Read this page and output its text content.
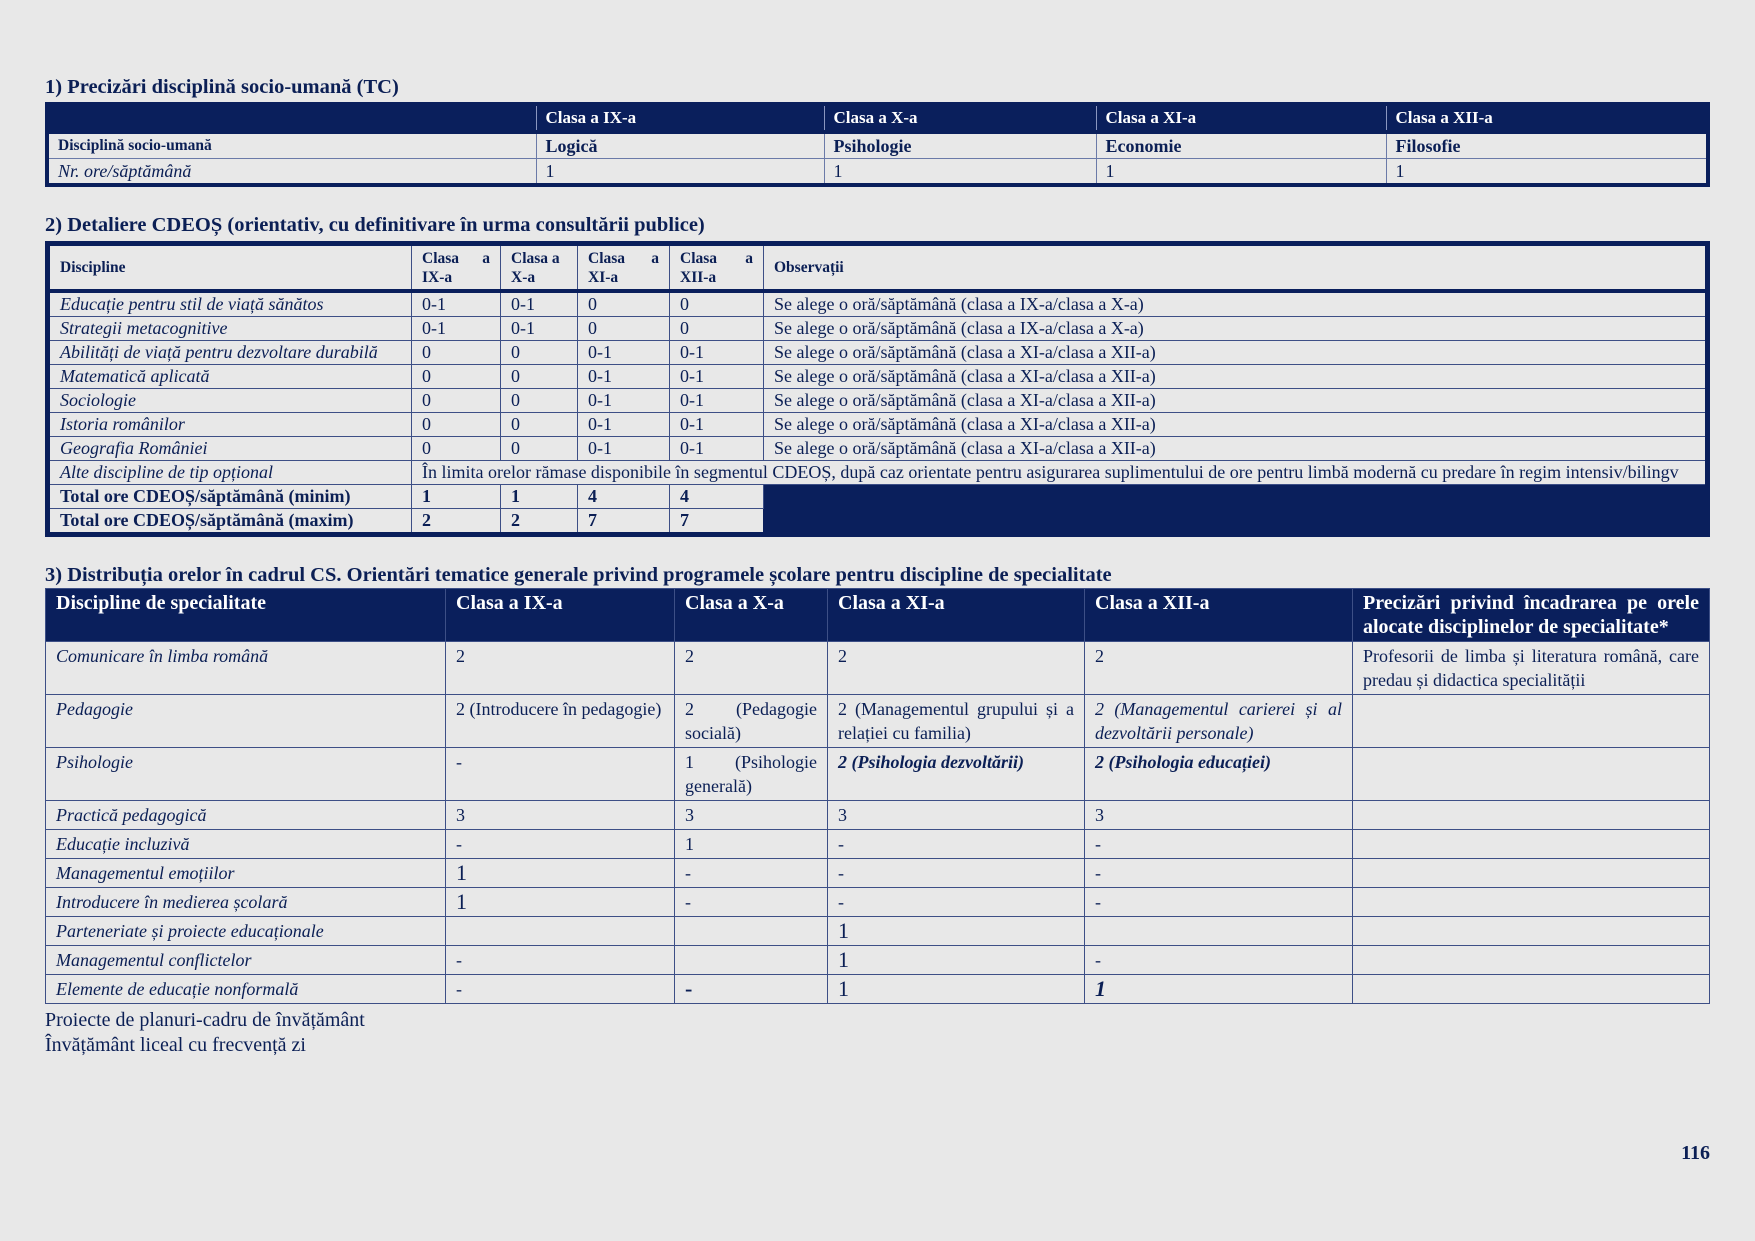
1) Precizări disciplină socio-umană (TC)
	Clasa a IX-a	Clasa a X-a	Clasa a XI-a	Clasa a XII-a
Disciplină socio-umană	Logică	Psihologie	Economie	Filosofie
Nr. ore/săptămână	1	1	1	1
2) Detaliere CDEOȘ (orientativ, cu definitivare în urma consultării publice)
Discipline	Clasa a IX-a	Clasa a X-a	Clasa a XI-a	Clasa a XII-a	Observații
Educație pentru stil de viață sănătos	0-1	0-1	0	0	Se alege o oră/săptămână (clasa a IX-a/clasa a X-a)
Strategii metacognitive	0-1	0-1	0	0	Se alege o oră/săptămână (clasa a IX-a/clasa a X-a)
Abilități de viață pentru dezvoltare durabilă	0	0	0-1	0-1	Se alege o oră/săptămână (clasa a XI-a/clasa a XII-a)
Matematică aplicată	0	0	0-1	0-1	Se alege o oră/săptămână (clasa a XI-a/clasa a XII-a)
Sociologie	0	0	0-1	0-1	Se alege o oră/săptămână (clasa a XI-a/clasa a XII-a)
Istoria românilor	0	0	0-1	0-1	Se alege o oră/săptămână (clasa a XI-a/clasa a XII-a)
Geografia României	0	0	0-1	0-1	Se alege o oră/săptămână (clasa a XI-a/clasa a XII-a)
Alte discipline de tip opțional	În limita orelor rămase disponibile în segmentul CDEOȘ, după caz orientate pentru asigurarea suplimentului de ore pentru limbă modernă cu predare în regim intensiv/bilingv				
Total ore CDEOȘ/săptămână (minim)	1	1	4	4	
Total ore CDEOȘ/săptămână (maxim)	2	2	7	7	
3) Distribuția orelor în cadrul CS. Orientări tematice generale privind programele școlare pentru discipline de specialitate
Discipline de specialitate	Clasa a IX-a	Clasa a X-a	Clasa a XI-a	Clasa a XII-a	Precizări privind încadrarea pe orele alocate disciplinelor de specialitate*
Comunicare în limba română	2	2	2	2	Profesorii de limba și literatura română, care predau și didactica specialității
Pedagogie	2 (Introducere în pedagogie)	2 (Pedagogie socială)	2 (Managementul grupului și a relației cu familia)	2 (Managementul carierei și al dezvoltării personale)	
Psihologie	-	1 (Psihologie generală)	2 (Psihologia dezvoltării)	2 (Psihologia educației)	
Practică pedagogică	3	3	3	3	
Educație incluzivă	-	1	-	-	
Managementul emoțiilor	1	-	-	-	
Introducere în medierea școlară	1	-	-	-	
Parteneriate și proiecte educaționale			1		
Managementul conflictelor	-		1	-	
Elemente de educație nonformală	-	-	1	1	
Proiecte de planuri-cadru de învățământ
Învățământ liceal cu frecvență zi
116
